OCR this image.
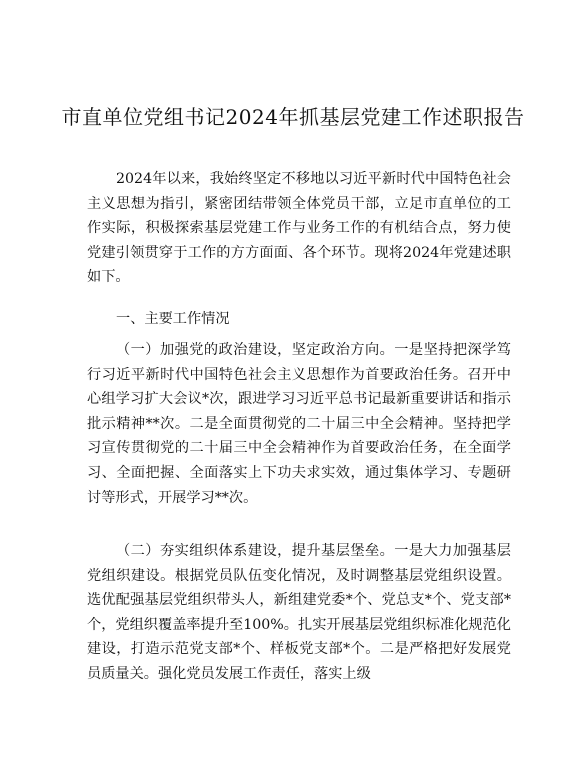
市直单位党组书记2024年抓基层党建工作述职报告
2024年以来，我始终坚定不移地以习近平新时代中国特色社会主义思想为指引，紧密团结带领全体党员干部，立足市直单位的工作实际，积极探索基层党建工作与业务工作的有机结合点，努力使党建引领贯穿于工作的方方面面、各个环节。现将2024年党建述职如下。
一、主要工作情况
（一）加强党的政治建设，坚定政治方向。一是坚持把深学笃行习近平新时代中国特色社会主义思想作为首要政治任务。召开中心组学习扩大会议*次，跟进学习习近平总书记最新重要讲话和指示批示精神**次。二是全面贯彻党的二十届三中全会精神。坚持把学习宣传贯彻党的二十届三中全会精神作为首要政治任务，在全面学习、全面把握、全面落实上下功夫求实效，通过集体学习、专题研讨等形式，开展学习**次。
（二）夯实组织体系建设，提升基层堡垒。一是大力加强基层党组织建设。根据党员队伍变化情况，及时调整基层党组织设置。选优配强基层党组织带头人，新组建党委*个、党总支*个、党支部*个，党组织覆盖率提升至100%。扎实开展基层党组织标准化规范化建设，打造示范党支部*个、样板党支部*个。二是严格把好发展党员质量关。强化党员发展工作责任，落实上级
